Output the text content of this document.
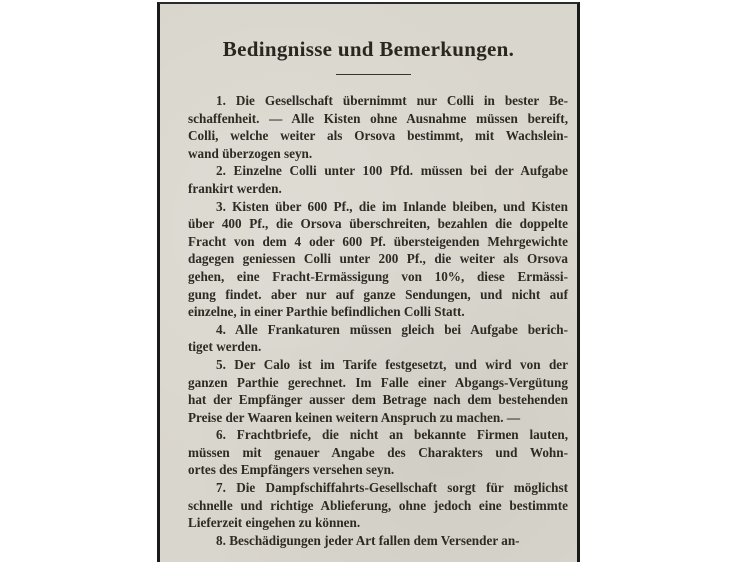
Bedingnisse und Bemerkungen.
1. Die Gesellschaft übernimmt nur Colli in bester Be-
schaffenheit. — Alle Kisten ohne Ausnahme müssen bereift,
Colli, welche weiter als Orsova bestimmt, mit Wachslein-
wand überzogen seyn.
2. Einzelne Colli unter 100 Pfd. müssen bei der Aufgabe
frankirt werden.
3. Kisten über 600 Pf., die im Inlande bleiben, und Kisten
über 400 Pf., die Orsova überschreiten, bezahlen die doppelte
Fracht von dem 4 oder 600 Pf. übersteigenden Mehrgewichte
dagegen geniessen Colli unter 200 Pf., die weiter als Orsova
gehen, eine Fracht-Ermässigung von 10%, diese Ermässi-
gung findet. aber nur auf ganze Sendungen, und nicht auf
einzelne, in einer Parthie befindlichen Colli Statt.
4. Alle Frankaturen müssen gleich bei Aufgabe berich-
tiget werden.
5. Der Calo ist im Tarife festgesetzt, und wird von der
ganzen Parthie gerechnet. Im Falle einer Abgangs-Vergütung
hat der Empfänger ausser dem Betrage nach dem bestehenden
Preise der Waaren keinen weitern Anspruch zu machen. —
6. Frachtbriefe, die nicht an bekannte Firmen lauten,
müssen mit genauer Angabe des Charakters und Wohn-
ortes des Empfängers versehen seyn.
7. Die Dampfschiffahrts-Gesellschaft sorgt für möglichst
schnelle und richtige Ablieferung, ohne jedoch eine bestimmte
Lieferzeit eingehen zu können.
8. Beschädigungen jeder Art fallen dem Versender an-
